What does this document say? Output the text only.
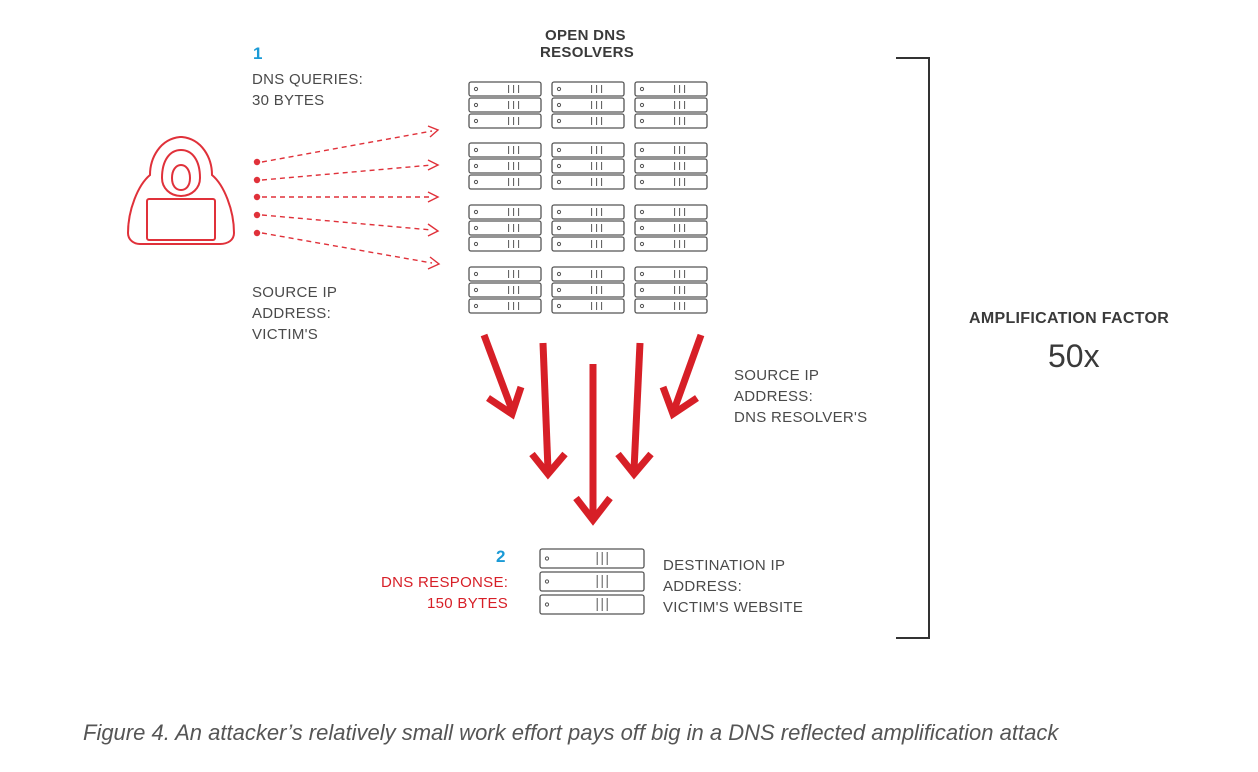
OPEN DNS
RESOLVERS
1
DNS QUERIES:
30 BYTES
SOURCE IP
ADDRESS:
VICTIM'S
SOURCE IP
ADDRESS:
DNS RESOLVER'S
2
DNS RESPONSE:
150 BYTES
DESTINATION IP
ADDRESS:
VICTIM'S WEBSITE
AMPLIFICATION FACTOR
50x
Figure 4. An attacker’s relatively small work effort pays off big in a DNS reflected amplification attack
